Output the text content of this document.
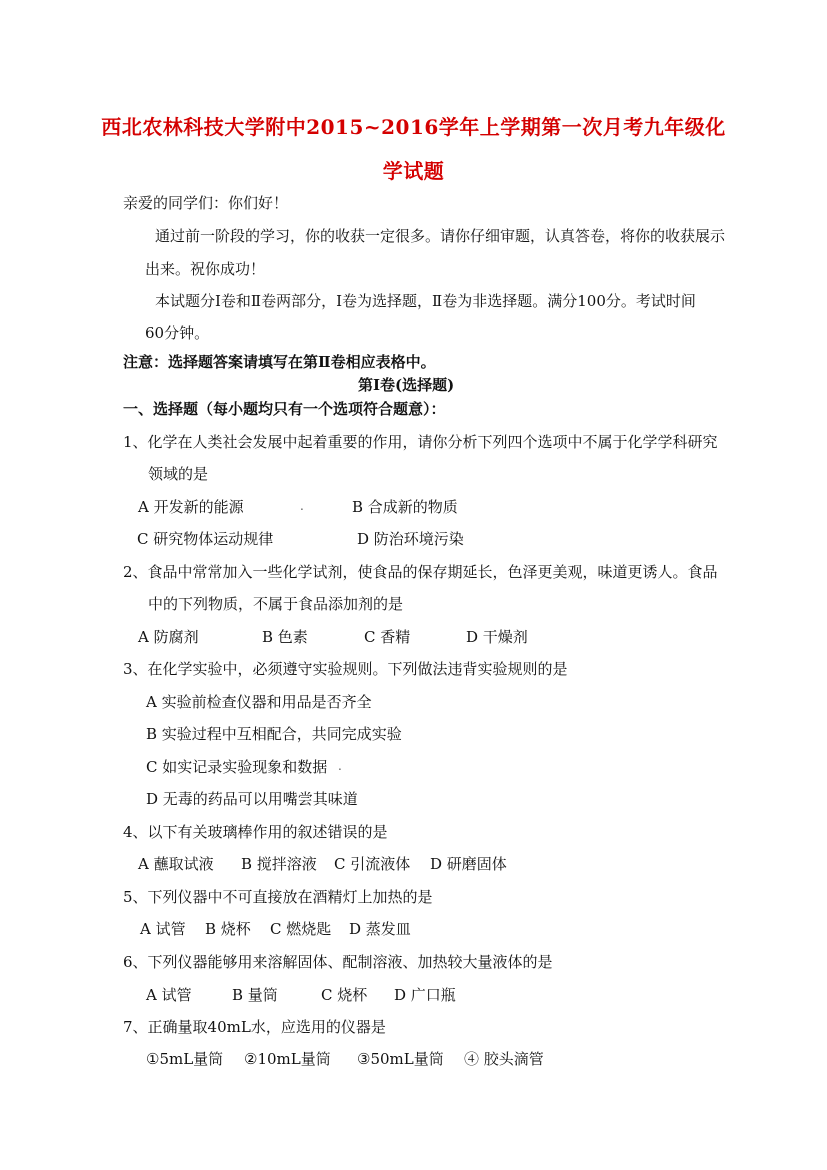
西北农林科技大学附中2015~2016学年上学期第一次月考九年级化
学试题
亲爱的同学们：你们好！
通过前一阶段的学习，你的收获一定很多。请你仔细审题，认真答卷，将你的收获展示
出来。祝你成功！
本试题分Ⅰ卷和Ⅱ卷两部分，Ⅰ卷为选择题，Ⅱ卷为非选择题。满分100分。考试时间
60分钟。
注意：选择题答案请填写在第Ⅱ卷相应表格中。
第Ⅰ卷(选择题)
一、选择题（每小题均只有一个选项符合题意）：
1、化学在人类社会发展中起着重要的作用，请你分析下列四个选项中不属于化学学科研究
领域的是
A 开发新的能源	B 合成新的物质
.
C 研究物体运动规律	D 防治环境污染
2、食品中常常加入一些化学试剂，使食品的保存期延长，色泽更美观，味道更诱人。食品
中的下列物质，不属于食品添加剂的是
A 防腐剂	B 色素	C 香精	D 干燥剂
3、在化学实验中，必须遵守实验规则。下列做法违背实验规则的是
A 实验前检查仪器和用品是否齐全
B 实验过程中互相配合，共同完成实验
C 如实记录实验现象和数据 .
D 无毒的药品可以用嘴尝其味道
4、以下有关玻璃棒作用的叙述错误的是
A 蘸取试液 B 搅拌溶液 C 引流液体 D 研磨固体
5、下列仪器中不可直接放在酒精灯上加热的是
A 试管 B 烧杯 C 燃烧匙 D 蒸发皿
6、下列仪器能够用来溶解固体、配制溶液、加热较大量液体的是
A 试管	B 量筒	C 烧杯 D 广口瓶
7、正确量取40mL水，应选用的仪器是
①5mL量筒 ②10mL量筒 ③50mL量筒 ④ 胶头滴管
